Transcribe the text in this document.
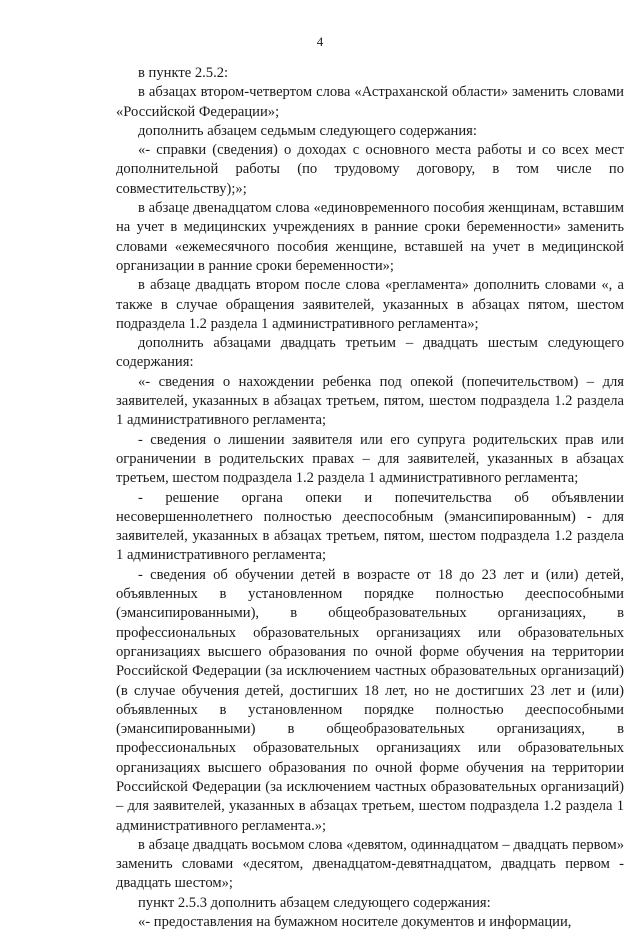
4

в пункте 2.5.2:

в абзацах втором-четвертом слова «Астраханской области» заменить словами «Российской Федерации»;

дополнить абзацем седьмым следующего содержания:

«- справки (сведения) о доходах с основного места работы и со всех мест дополнительной работы (по трудовому договору, в том числе по совместительству);»;

в абзаце двенадцатом слова «единовременного пособия женщинам, вставшим на учет в медицинских учреждениях в ранние сроки беременности» заменить словами «ежемесячного пособия женщине, вставшей на учет в медицинской организации в ранние сроки беременности»;

в абзаце двадцать втором после слова «регламента» дополнить словами «, а также в случае обращения заявителей, указанных в абзацах пятом, шестом подраздела 1.2 раздела 1 административного регламента»;

дополнить абзацами двадцать третьим – двадцать шестым следующего содержания:

«- сведения о нахождении ребенка под опекой (попечительством) – для заявителей, указанных в абзацах третьем, пятом, шестом подраздела 1.2 раздела 1 административного регламента;

- сведения о лишении заявителя или его супруга родительских прав или ограничении в родительских правах – для заявителей, указанных в абзацах третьем, шестом подраздела 1.2 раздела 1 административного регламента;

- решение органа опеки и попечительства об объявлении несовершеннолетнего полностью дееспособным (эмансипированным) - для заявителей, указанных в абзацах третьем, пятом, шестом подраздела 1.2 раздела 1 административного регламента;

- сведения об обучении детей в возрасте от 18 до 23 лет и (или) детей, объявленных в установленном порядке полностью дееспособными (эмансипированными), в общеобразовательных организациях, в профессиональных образовательных организациях или образовательных организациях высшего образования по очной форме обучения на территории Российской Федерации (за исключением частных образовательных организаций) (в случае обучения детей, достигших 18 лет, но не достигших 23 лет и (или) объявленных в установленном порядке полностью дееспособными (эмансипированными) в общеобразовательных организациях, в профессиональных образовательных организациях или образовательных организациях высшего образования по очной форме обучения на территории Российской Федерации (за исключением частных образовательных организаций) – для заявителей, указанных в абзацах третьем, шестом подраздела 1.2 раздела 1 административного регламента.»;

в абзаце двадцать восьмом слова «девятом, одиннадцатом – двадцать первом» заменить словами «десятом, двенадцатом-девятнадцатом, двадцать первом - двадцать шестом»;

пункт 2.5.3 дополнить абзацем следующего содержания:

«- предоставления на бумажном носителе документов и информации,
